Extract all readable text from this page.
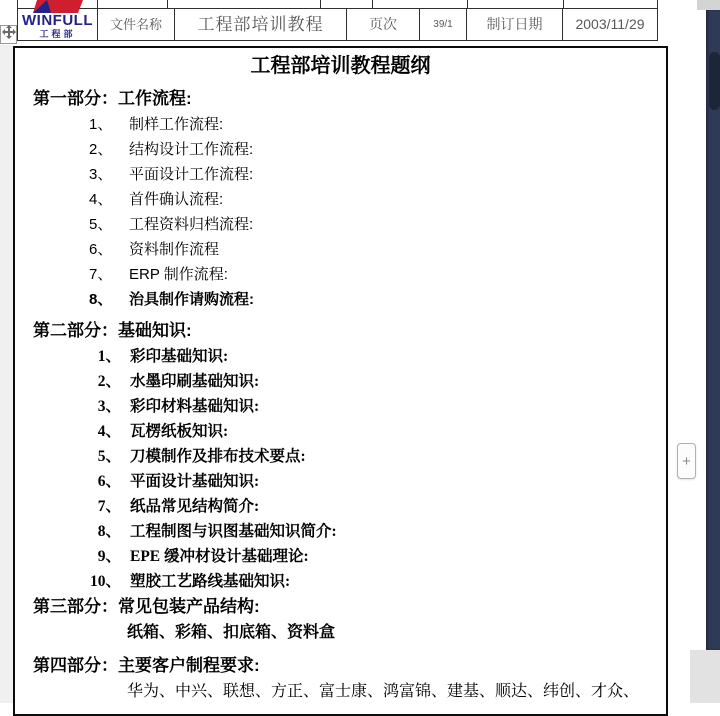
文件名称	工程部培训教程	页次	39/1	制订日期	2003/11/29
WINFULL
工程部
工程部培训教程题纲
第一部分：工作流程:
1、 制样工作流程:
2、 结构设计工作流程:
3、 平面设计工作流程:
4、 首件确认流程:
5、 工程资料归档流程:
6、 资料制作流程
7、 ERP 制作流程:
8、 治具制作请购流程:
第二部分：基础知识:
1、 彩印基础知识:
2、 水墨印刷基础知识:
3、 彩印材料基础知识:
4、 瓦楞纸板知识:
5、 刀模制作及排布技术要点:
6、 平面设计基础知识:
7、 纸品常见结构简介:
8、 工程制图与识图基础知识简介:
9、 EPE 缓冲材设计基础理论:
10、 塑胶工艺路线基础知识:
第三部分：常见包装产品结构:
纸箱、彩箱、扣底箱、资料盒
第四部分：主要客户制程要求:
华为、中兴、联想、方正、富士康、鸿富锦、建基、顺达、纬创、才众、
+
